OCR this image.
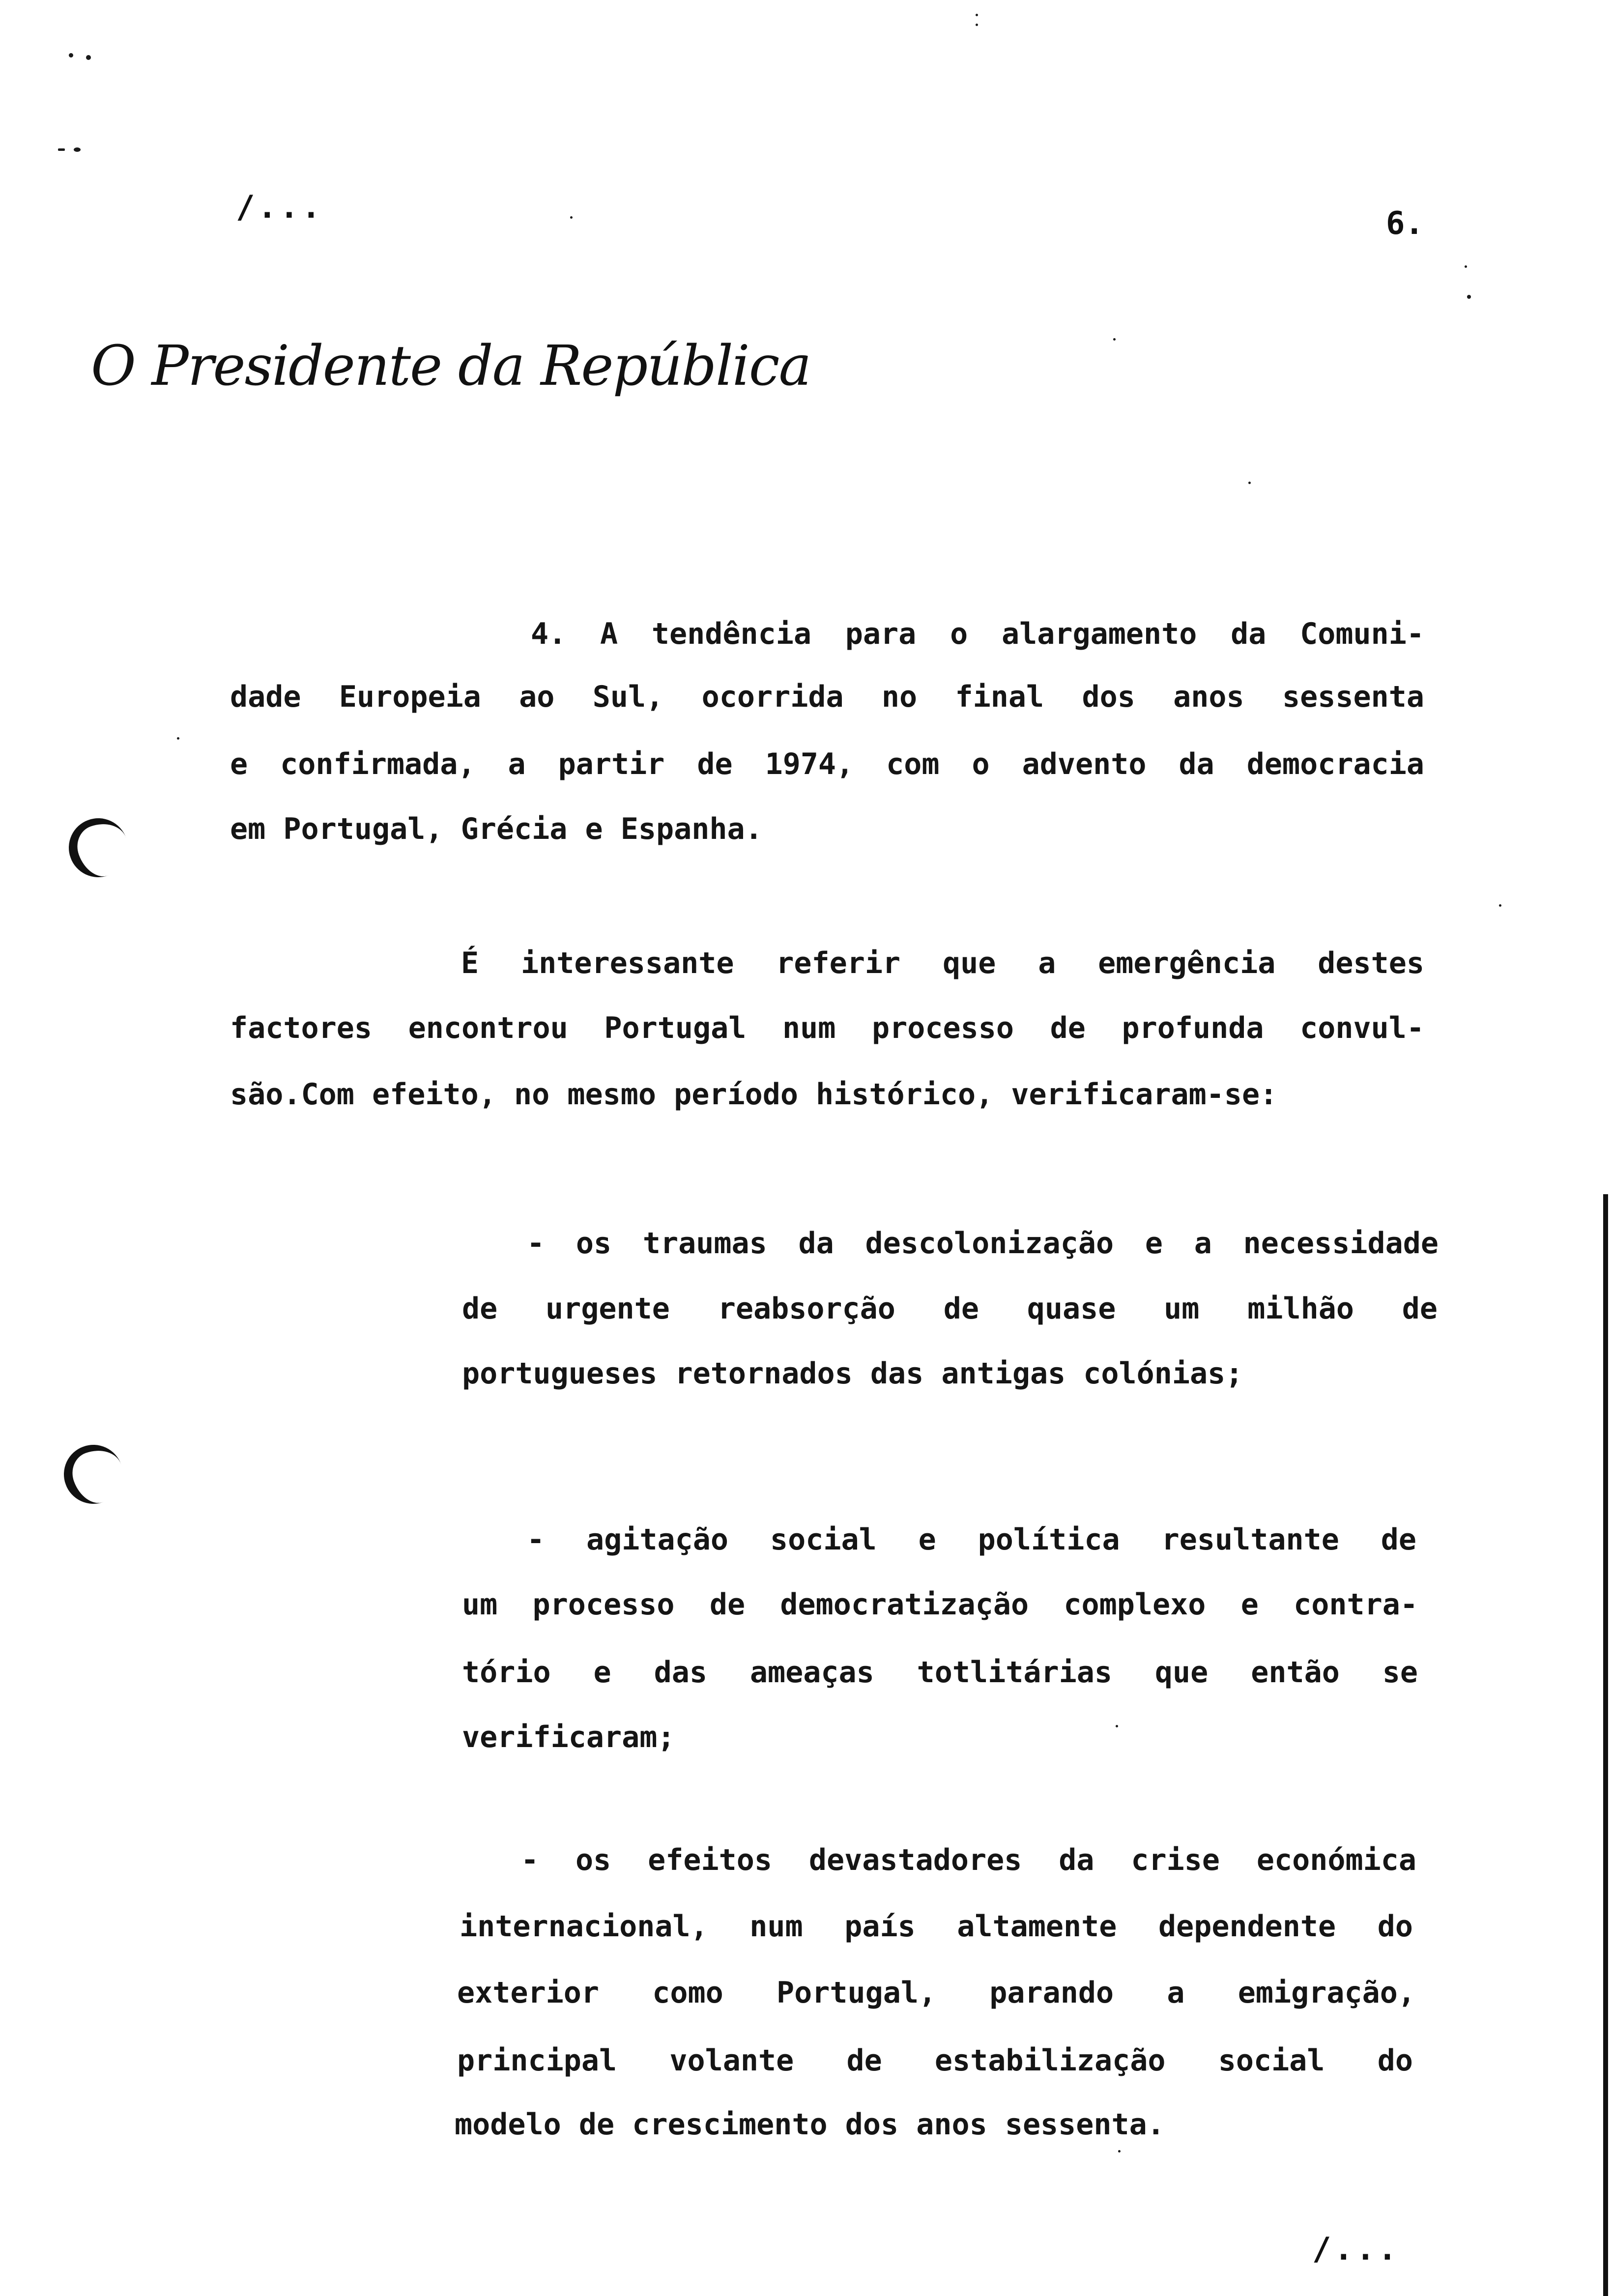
/...	6.
O Presidente da República
4. A tendência para o alargamento da Comuni-
dade Europeia ao Sul, ocorrida no final dos anos sessenta
e confirmada, a partir de 1974, com o advento da democracia
em Portugal, Grécia e Espanha.
É interessante referir que a emergência destes
factores encontrou Portugal num processo de profunda convul-
são.Com efeito, no mesmo período histórico, verificaram-se:
- os traumas da descolonização e a necessidade
de urgente reabsorção de quase um milhão de
portugueses retornados das antigas colónias;
- agitação social e política resultante de
um processo de democratização complexo e contra-
tório e das ameaças totlitárias que então se
verificaram;
- os efeitos devastadores da crise económica
internacional, num país altamente dependente do
exterior como Portugal, parando a emigração,
principal volante de estabilização social do
modelo de crescimento dos anos sessenta.
/...
